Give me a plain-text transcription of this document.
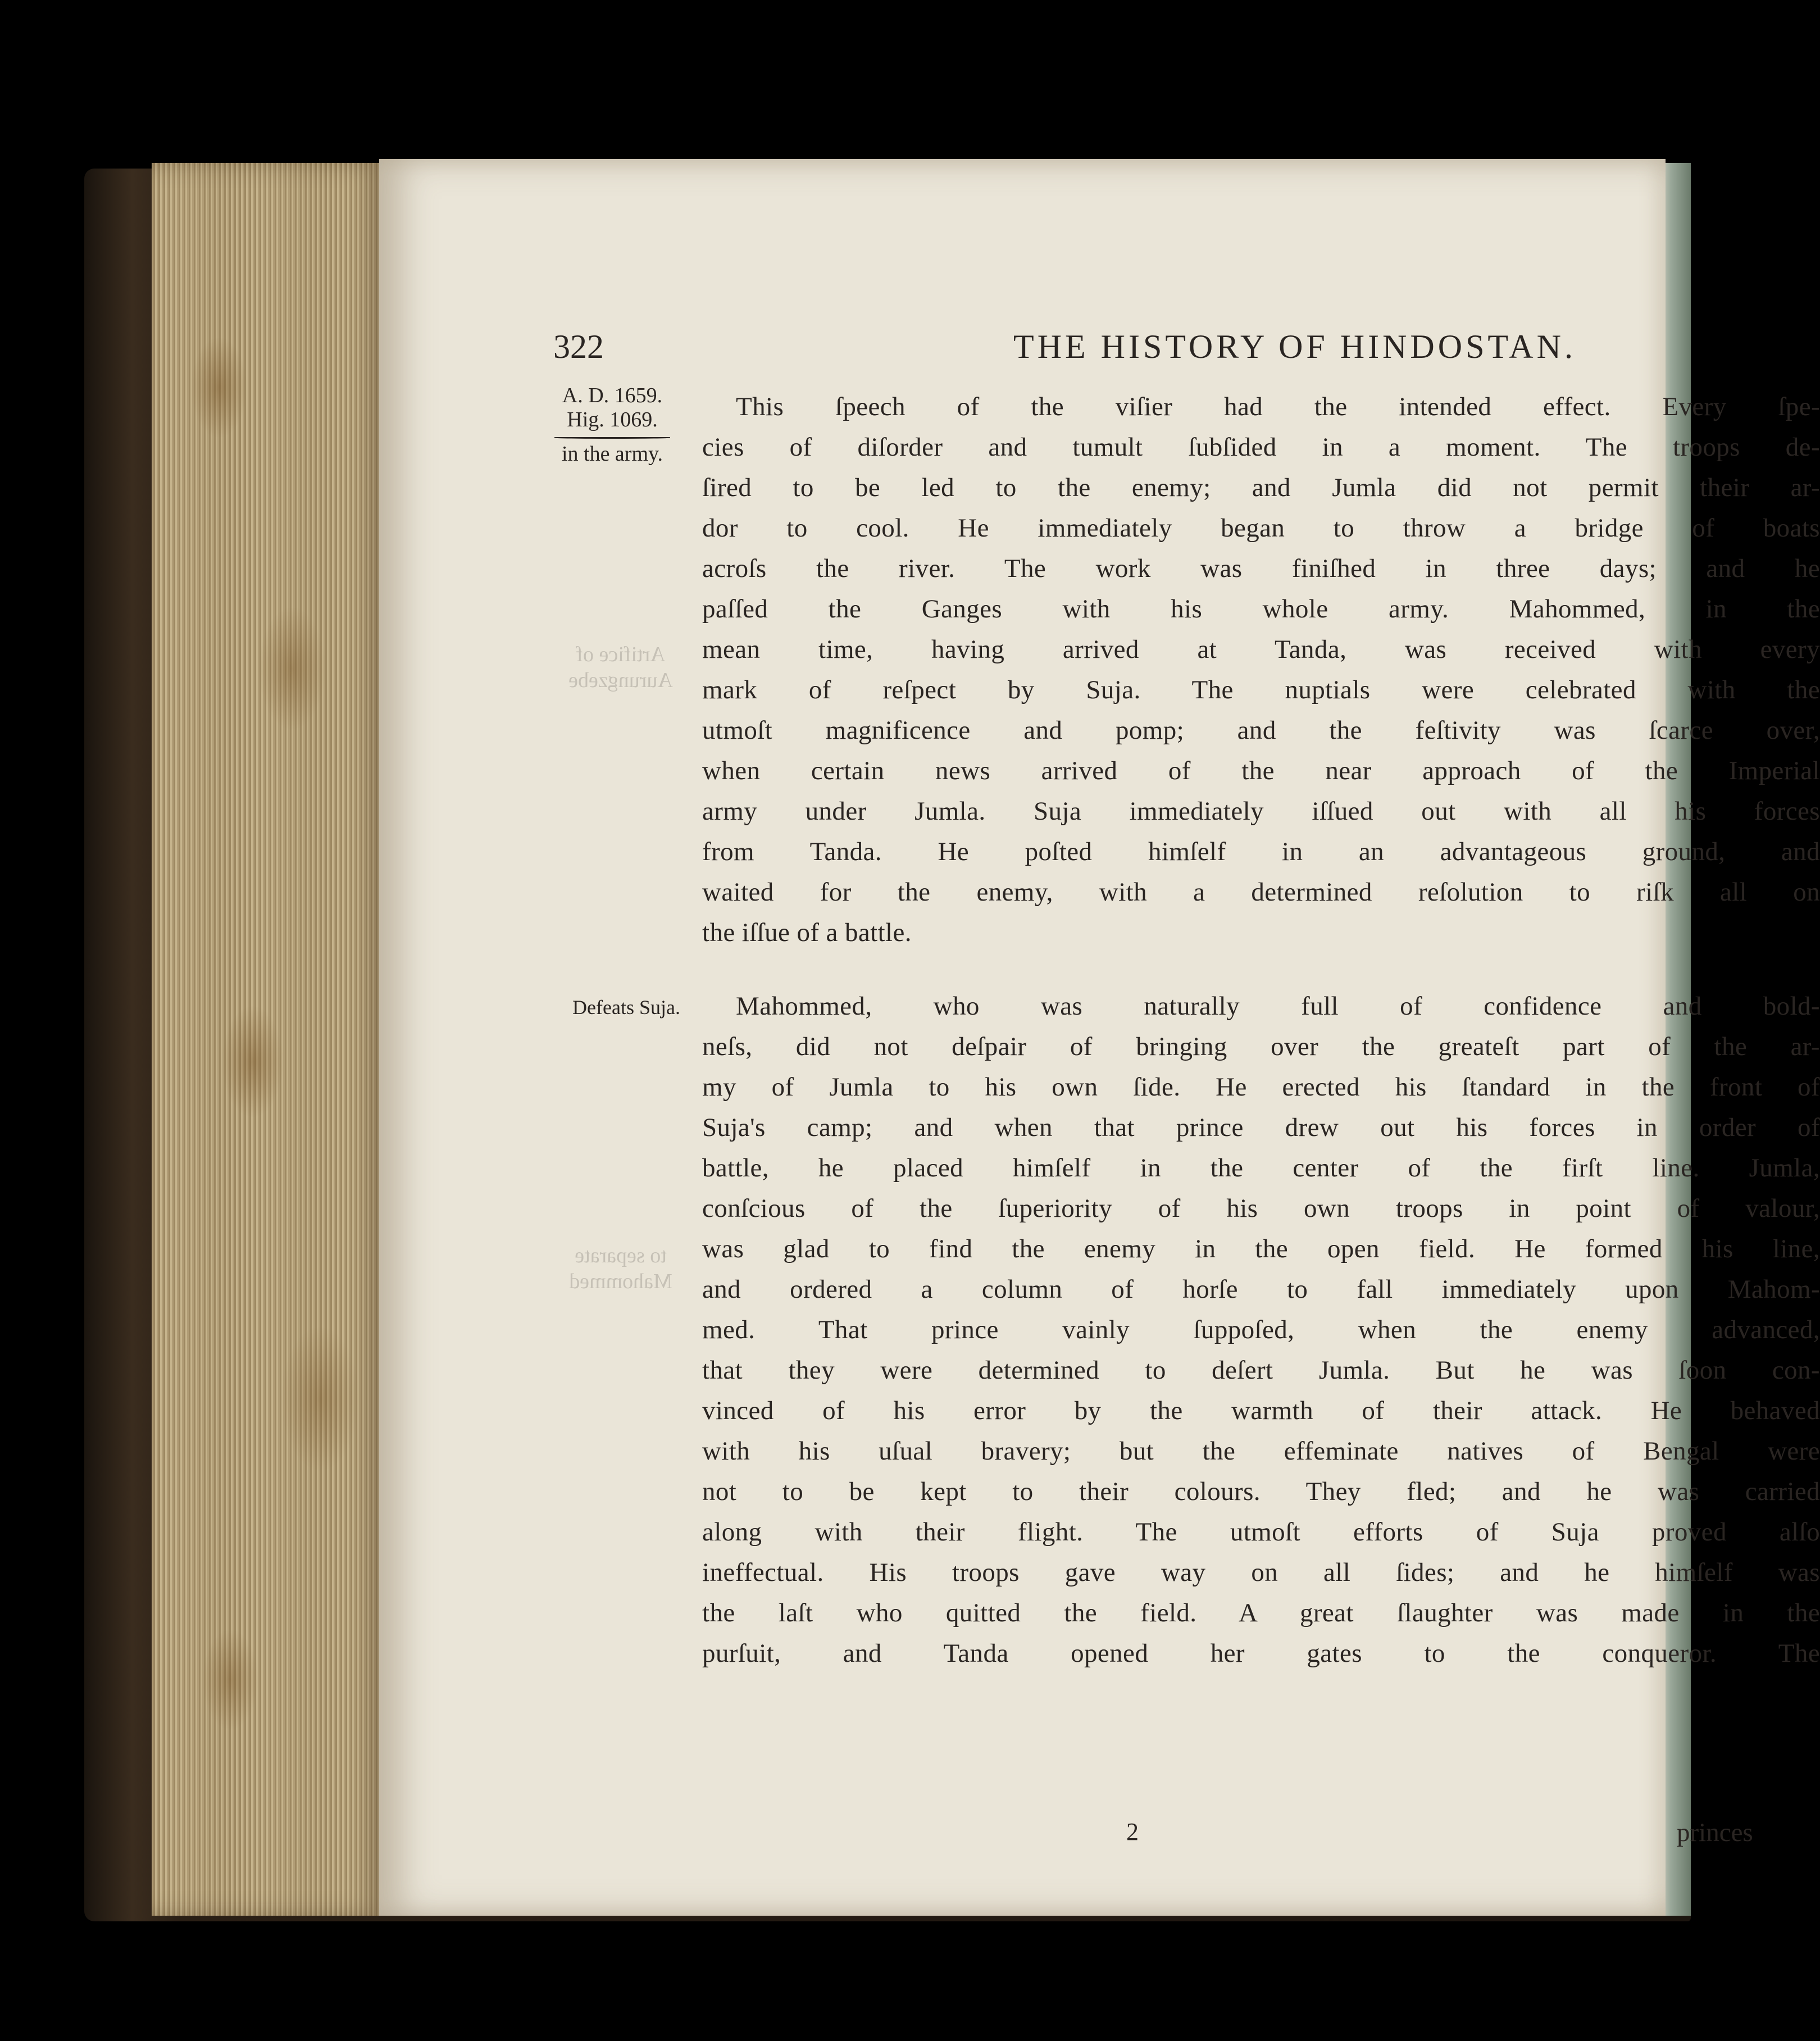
322	THE HISTORY OF HINDOSTAN.
A. D. 1659.
Hig. 1069.
in the army.
Artifice of
Aurungzebe
to separate
Mahommed
Defeats Suja.
This ſpeech of the viſier had the intended effect. Every ſpe-
cies of diſorder and tumult ſubſided in a moment. The troops de-
ſired to be led to the enemy; and Jumla did not permit their ar-
dor to cool. He immediately began to throw a bridge of boats
acroſs the river. The work was finiſhed in three days; and he
paſſed the Ganges with his whole army. Mahommed, in the
mean time, having arrived at Tanda, was received with every
mark of reſpect by Suja. The nuptials were celebrated with the
utmoſt magnificence and pomp; and the feſtivity was ſcarce over,
when certain news arrived of the near approach of the Imperial
army under Jumla. Suja immediately iſſued out with all his forces
from Tanda. He poſted himſelf in an advantageous ground, and
waited for the enemy, with a determined reſolution to riſk all on
the iſſue of a battle.
Mahommed, who was naturally full of confidence and bold-
neſs, did not deſpair of bringing over the greateſt part of the ar-
my of Jumla to his own ſide. He erected his ſtandard in the front of
Suja's camp; and when that prince drew out his forces in order of
battle, he placed himſelf in the center of the firſt line. Jumla,
conſcious of the ſuperiority of his own troops in point of valour,
was glad to find the enemy in the open field. He formed his line,
and ordered a column of horſe to fall immediately upon Mahom-
med. That prince vainly ſuppoſed, when the enemy advanced,
that they were determined to deſert Jumla. But he was ſoon con-
vinced of his error by the warmth of their attack. He behaved
with his uſual bravery; but the effeminate natives of Bengal were
not to be kept to their colours. They fled; and he was carried
along with their flight. The utmoſt efforts of Suja proved alſo
ineffectual. His troops gave way on all ſides; and he himſelf was
the laſt who quitted the field. A great ſlaughter was made in the
purſuit, and Tanda opened her gates to the conqueror. The
2	princes
